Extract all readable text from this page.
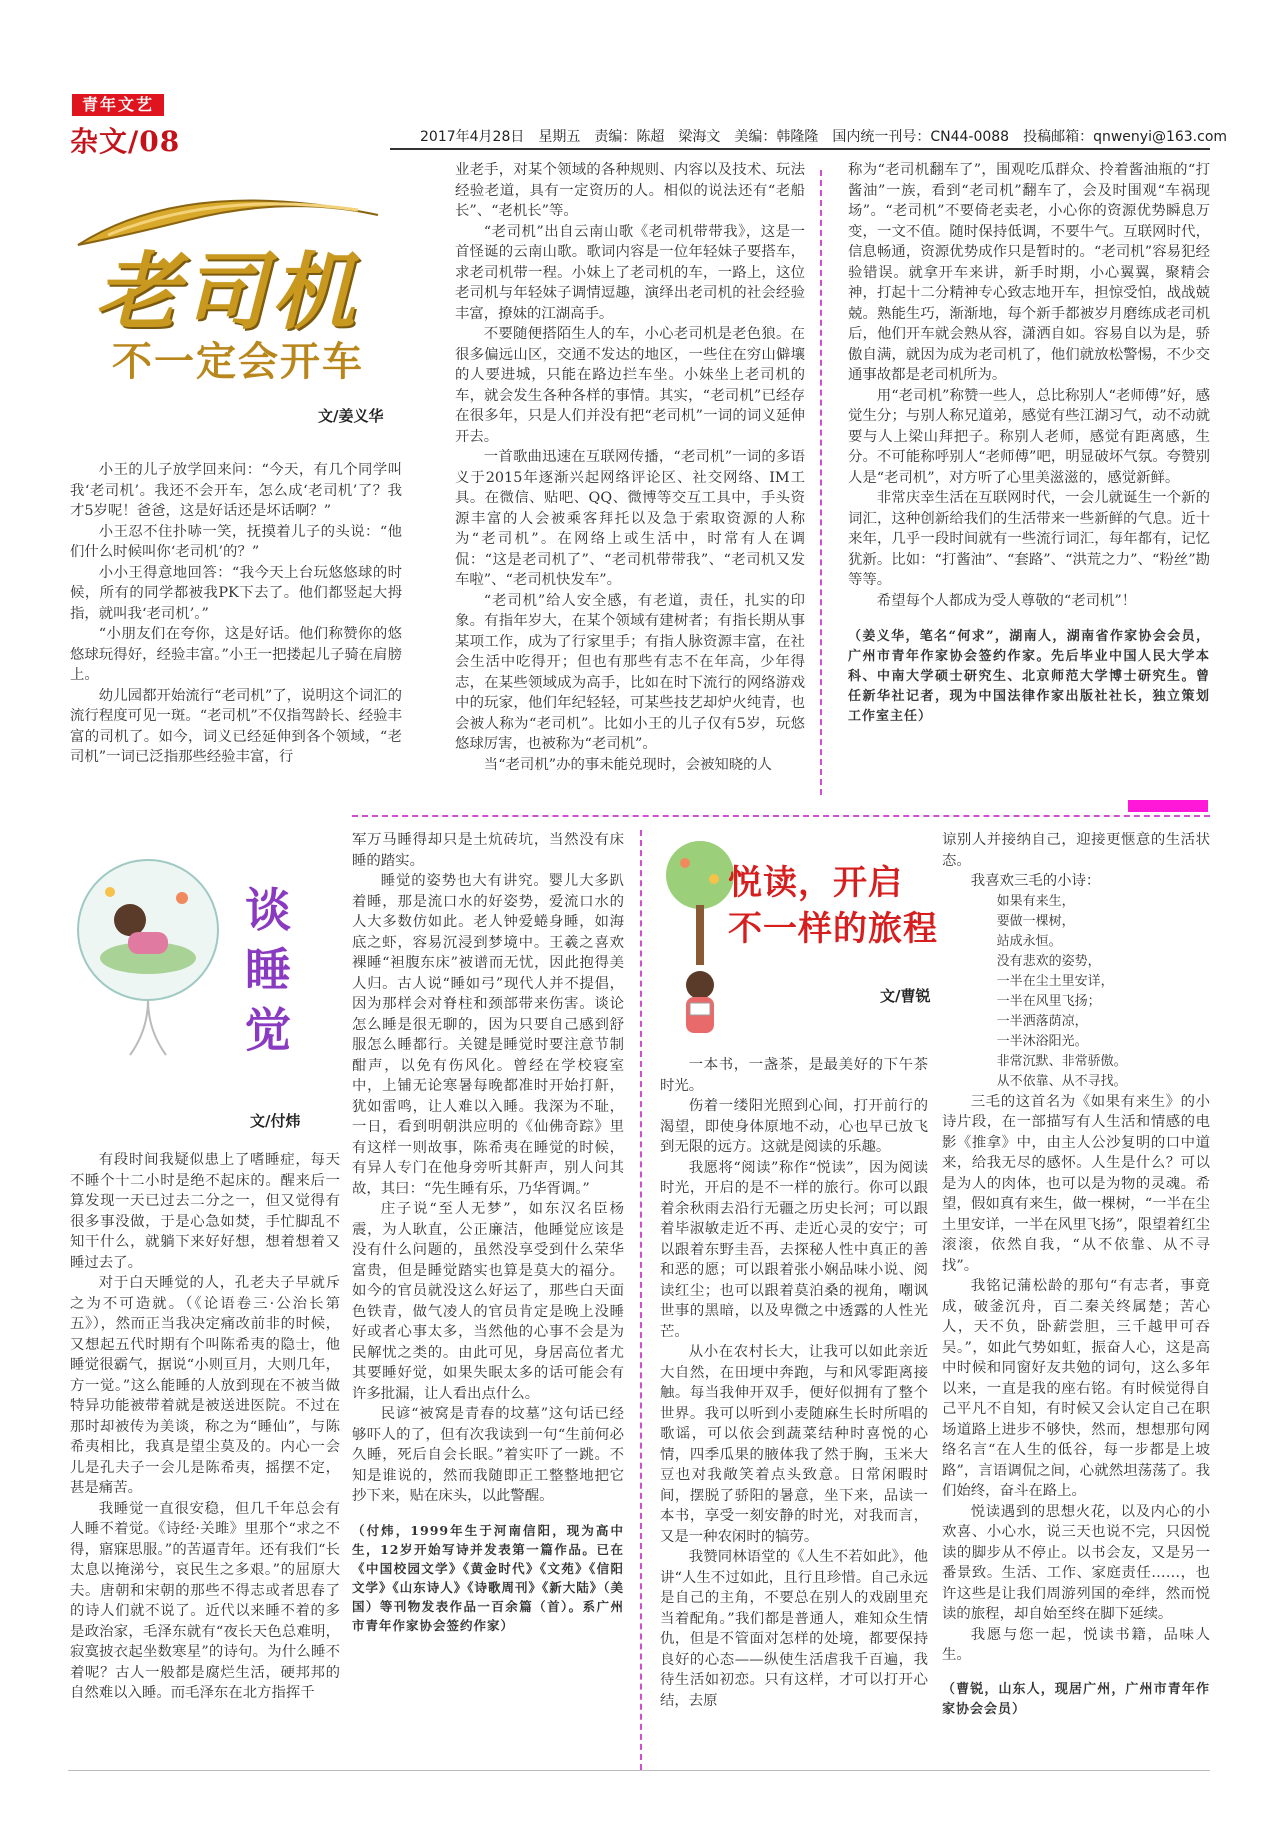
青年文艺
杂文/08	2017年4月28日　星期五　责编：陈超　梁海文　美编：韩隆隆　国内统一刊号：CN44-0088　投稿邮箱：qnwenyi@163.com
老司机
不一定会开车
文/姜义华

小王的儿子放学回来问：“今天，有几个同学叫我‘老司机’。我还不会开车，怎么成‘老司机’了？我才5岁呢！爸爸，这是好话还是坏话啊？”

小王忍不住扑哧一笑，抚摸着儿子的头说：“他们什么时候叫你‘老司机’的？”

小小王得意地回答：“我今天上台玩悠悠球的时候，所有的同学都被我PK下去了。他们都竖起大拇指，就叫我‘老司机’。”

“小朋友们在夸你，这是好话。他们称赞你的悠悠球玩得好，经验丰富。”小王一把搂起儿子骑在肩膀上。

幼儿园都开始流行“老司机”了，说明这个词汇的流行程度可见一斑。“老司机”不仅指驾龄长、经验丰富的司机了。如今，词义已经延伸到各个领域，“老司机”一词已泛指那些经验丰富，行

业老手，对某个领域的各种规则、内容以及技术、玩法经验老道，具有一定资历的人。相似的说法还有“老船长”、“老机长”等。

“老司机”出自云南山歌《老司机带带我》，这是一首怪诞的云南山歌。歌词内容是一位年轻妹子要搭车，求老司机带一程。小妹上了老司机的车，一路上，这位老司机与年轻妹子调情逗趣，演绎出老司机的社会经验丰富，撩妹的江湖高手。

不要随便搭陌生人的车，小心老司机是老色狼。在很多偏远山区，交通不发达的地区，一些住在穷山僻壤的人要进城，只能在路边拦车坐。小妹坐上老司机的车，就会发生各种各样的事情。其实，“老司机”已经存在很多年，只是人们并没有把“老司机”一词的词义延伸开去。

一首歌曲迅速在互联网传播，“老司机”一词的多语义于2015年逐渐兴起网络评论区、社交网络、IM工具。在微信、贴吧、QQ、微博等交互工具中，手头资源丰富的人会被乘客拜托以及急于索取资源的人称为“老司机”。在网络上或生活中，时常有人在调侃：“这是老司机了”、“老司机带带我”、“老司机又发车啦”、“老司机快发车”。

“老司机”给人安全感，有老道，责任，扎实的印象。有指年岁大，在某个领域有建树者；有指长期从事某项工作，成为了行家里手；有指人脉资源丰富，在社会生活中吃得开；但也有那些有志不在年高，少年得志，在某些领域成为高手，比如在时下流行的网络游戏中的玩家，他们年纪轻轻，可某些技艺却炉火纯青，也会被人称为“老司机”。比如小王的儿子仅有5岁，玩悠悠球厉害，也被称为“老司机”。

当“老司机”办的事未能兑现时，会被知晓的人

称为“老司机翻车了”，围观吃瓜群众、拎着酱油瓶的“打酱油”一族，看到“老司机”翻车了，会及时围观“车祸现场”。“老司机”不要倚老卖老，小心你的资源优势瞬息万变，一文不值。随时保持低调，不要牛气。互联网时代，信息畅通，资源优势成作只是暂时的。“老司机”容易犯经验错误。就拿开车来讲，新手时期，小心翼翼，聚精会神，打起十二分精神专心致志地开车，担惊受怕，战战兢兢。熟能生巧，渐渐地，每个新手都被岁月磨练成老司机后，他们开车就会熟从容，潇洒自如。容易自以为是，骄傲自满，就因为成为老司机了，他们就放松警惕，不少交通事故都是老司机所为。

用“老司机”称赞一些人，总比称别人“老师傅”好，感觉生分；与别人称兄道弟，感觉有些江湖习气，动不动就要与人上梁山拜把子。称别人老师，感觉有距离感，生分。不可能称呼别人“老师傅”吧，明显破坏气氛。夸赞别人是“老司机”，对方听了心里美滋滋的，感觉新鲜。

非常庆幸生活在互联网时代，一会儿就诞生一个新的词汇，这种创新给我们的生活带来一些新鲜的气息。近十来年，几乎一段时间就有一些流行词汇，每年都有，记忆犹新。比如：“打酱油”、“套路”、“洪荒之力”、“粉丝”勘等等。

希望每个人都成为受人尊敬的“老司机”！

（姜义华，笔名“何求”，湖南人，湖南省作家协会会员，广州市青年作家协会签约作家。先后毕业中国人民大学本科、中南大学硕士研究生、北京师范大学博士研究生。曾任新华社记者，现为中国法律作家出版社社长，独立策划工作室主任）
谈睡觉
文/付炜

有段时间我疑似患上了嗜睡症，每天不睡个十二小时是绝不起床的。醒来后一算发现一天已过去二分之一，但又觉得有很多事没做，于是心急如焚，手忙脚乱不知干什么，就躺下来好好想，想着想着又睡过去了。

对于白天睡觉的人，孔老夫子早就斥之为不可造就。（《论语卷三·公治长第五》），然而正当我决定痛改前非的时候，又想起五代时期有个叫陈希夷的隐士，他睡觉很霸气，据说“小则亘月，大则几年，方一觉。”这么能睡的人放到现在不被当做特异功能被带着就是被送进医院。不过在那时却被传为美谈，称之为“睡仙”，与陈希夷相比，我真是望尘莫及的。内心一会儿是孔夫子一会儿是陈希夷，摇摆不定，甚是痛苦。

我睡觉一直很安稳，但几千年总会有人睡不着觉。《诗经·关雎》里那个“求之不得，寤寐思服。”的苦逼青年。还有我们“长太息以掩涕兮，哀民生之多艰。”的屈原大夫。唐朝和宋朝的那些不得志或者思春了的诗人们就不说了。近代以来睡不着的多是政治家，毛泽东就有“夜长天色总难明，寂寞披衣起坐数寒星”的诗句。为什么睡不着呢？古人一般都是腐烂生活，硬邦邦的自然难以入睡。而毛泽东在北方指挥千

军万马睡得却只是土炕砖坑，当然没有床睡的踏实。

睡觉的姿势也大有讲究。婴儿大多趴着睡，那是流口水的好姿势，爱流口水的人大多数仿如此。老人钟爱蜷身睡，如海底之虾，容易沉浸到梦境中。王羲之喜欢裸睡“袒腹东床”被谱而无忧，因此抱得美人归。古人说“睡如弓”现代人并不提倡，因为那样会对脊柱和颈部带来伤害。谈论怎么睡是很无聊的，因为只要自己感到舒服怎么睡都行。关键是睡觉时要注意节制酣声，以免有伤风化。曾经在学校寝室中，上铺无论寒暑每晚都准时开始打鼾，犹如雷鸣，让人难以入睡。我深为不耻，一日，看到明朝洪应明的《仙佛奇踪》里有这样一则故事，陈希夷在睡觉的时候，有异人专门在他身旁听其鼾声，别人问其故，其曰：“先生睡有乐，乃华胥调。”

庄子说“至人无梦”，如东汉名臣杨震，为人耿直，公正廉洁，他睡觉应该是没有什么问题的，虽然没享受到什么荣华富贵，但是睡觉踏实也算是莫大的福分。如今的官员就没这么好运了，那些白天面色铁青，做气凌人的官员肯定是晚上没睡好或者心事太多，当然他的心事不会是为民解忧之类的。由此可见，身居高位者尤其要睡好觉，如果失眠太多的话可能会有许多批漏，让人看出点什么。

民谚“被窝是青春的坟墓”这句话已经够吓人的了，但有次我读到一句“生前何必久睡，死后自会长眠。”着实吓了一跳。不知是谁说的，然而我随即正工整整地把它抄下来，贴在床头，以此警醒。

（付炜，1999年生于河南信阳，现为高中生，12岁开始写诗并发表第一篇作品。已在《中国校园文学》《黄金时代》《文苑》《信阳文学》《山东诗人》《诗歌周刊》《新大陆》（美国）等刊物发表作品一百余篇（首）。系广州市青年作家协会签约作家）
悦读，开启
不一样的旅程
文/曹锐

一本书，一盏茶，是最美好的下午茶时光。

伤着一缕阳光照到心间，打开前行的渴望，即使身体原地不动，心也早已放飞到无限的远方。这就是阅读的乐趣。

我愿将“阅读”称作“悦读”，因为阅读时光，开启的是不一样的旅行。你可以跟着余秋雨去沿行无疆之历史长河；可以跟着毕淑敏走近不再、走近心灵的安宁；可以跟着东野圭吾，去探秘人性中真正的善和恶的愿；可以跟着张小娴品味小说、阅读红尘；也可以跟着莫泊桑的视角，嘲讽世事的黑暗，以及卑微之中透露的人性光芒。

从小在农村长大，让我可以如此亲近大自然，在田埂中奔跑，与和风零距离接触。每当我伸开双手，便好似拥有了整个世界。我可以听到小麦随麻生长时所唱的歌谣，可以依会到蔬菜结种时喜悦的心情，四季瓜果的腋体我了然于胸，玉米大豆也对我敞笑着点头致意。日常闲暇时间，摆脱了骄阳的暑意，坐下来，品读一本书，享受一刻安静的时光，对我而言，又是一种农闲时的犒劳。

我赞同林语堂的《人生不若如此》，他讲“人生不过如此，且行且珍惜。自己永远是自己的主角，不要总在别人的戏剧里充当着配角。”我们都是普通人，难知众生情仇，但是不管面对怎样的处境，都要保持良好的心态——纵使生活虐我千百遍，我待生活如初恋。只有这样，才可以打开心结，去原

谅别人并接纳自己，迎接更惬意的生活状态。

我喜欢三毛的小诗：

如果有来生，

要做一棵树，

站成永恒。

没有悲欢的姿势，

一半在尘土里安详，

一半在风里飞扬；

一半洒落荫凉，

一半沐浴阳光。

非常沉默、非常骄傲。

从不依靠、从不寻找。

三毛的这首名为《如果有来生》的小诗片段，在一部描写有人生活和情感的电影《推拿》中，由主人公沙复明的口中道来，给我无尽的感怀。人生是什么？可以是为人的肉体，也可以是为物的灵魂。希望，假如真有来生，做一棵树，“一半在尘土里安详，一半在风里飞扬”，限望着红尘滚滚，依然自我，“从不依靠、从不寻找”。

我铭记蒲松龄的那句“有志者，事竟成，破釜沉舟，百二秦关终属楚；苦心人，天不负，卧薪尝胆，三千越甲可吞吴。”，如此气势如虹，振奋人心，这是高中时候和同窗好友共勉的词句，这么多年以来，一直是我的座右铭。有时候觉得自己平凡不自知，有时候又会认定自己在职场道路上进步不够快，然而，想想那句网络名言“在人生的低谷，每一步都是上坡路”，言语调侃之间，心就然坦荡荡了。我们始终，奋斗在路上。

悦读遇到的思想火花，以及内心的小欢喜、小心水，说三天也说不完，只因悦读的脚步从不停止。以书会友，又是另一番景致。生活、工作、家庭责任……，也许这些是让我们周游列国的牵绊，然而悦读的旅程，却自始至终在脚下延续。

我愿与您一起，悦读书籍，品味人生。

（曹锐，山东人，现居广州，广州市青年作家协会会员）
